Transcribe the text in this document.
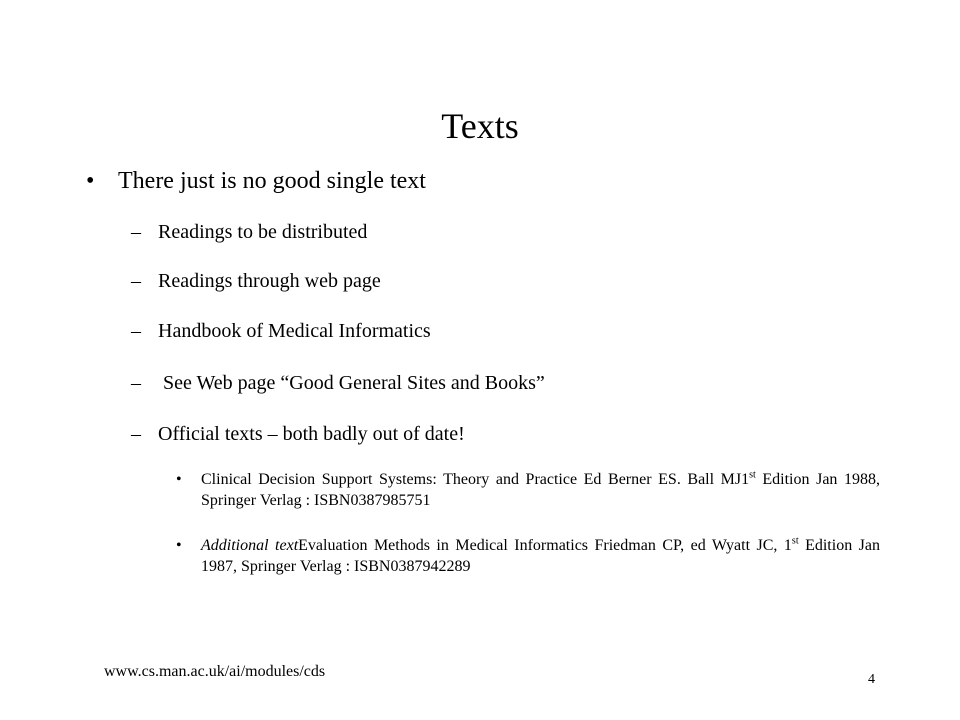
Texts
• There just is no good single text
– Readings to be distributed
– Readings through web page
– Handbook of Medical Informatics
– See Web page “Good General Sites and Books”
– Official texts – both badly out of date!
•	Clinical Decision Support Systems: Theory and Practice Ed Berner ES. Ball MJ1st Edition Jan 1988, Springer Verlag : ISBN0387985751
•	Additional textEvaluation Methods in Medical Informatics Friedman CP, ed Wyatt JC, 1st Edition Jan 1987, Springer Verlag : ISBN0387942289
www.cs.man.ac.uk/ai/modules/cds	4
